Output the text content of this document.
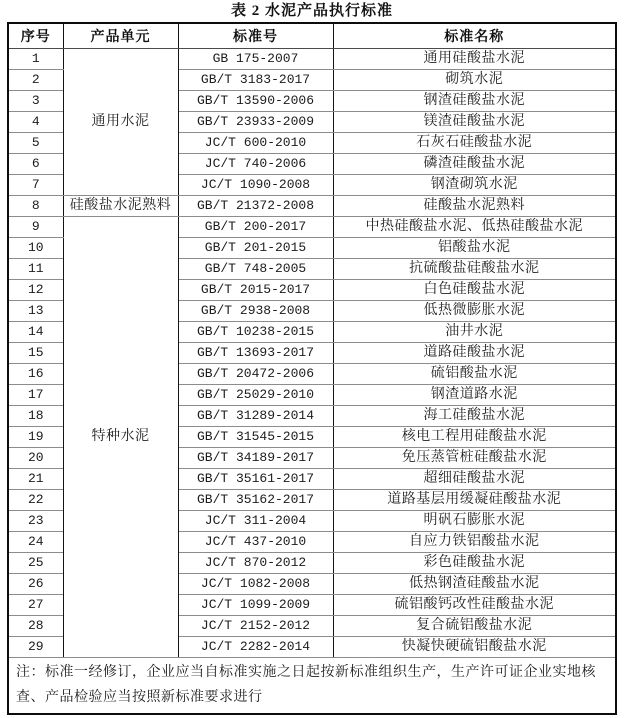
表 2 水泥产品执行标准
序号	产品单元	标准号	标准名称
1	通用水泥	GB 175-2007	通用硅酸盐水泥
2		GB/T 3183-2017	砌筑水泥
3		GB/T 13590-2006	钢渣硅酸盐水泥
4		GB/T 23933-2009	镁渣硅酸盐水泥
5		JC/T 600-2010	石灰石硅酸盐水泥
6		JC/T 740-2006	磷渣硅酸盐水泥
7		JC/T 1090-2008	钢渣砌筑水泥
8	硅酸盐水泥熟料	GB/T 21372-2008	硅酸盐水泥熟料
9	特种水泥	GB/T 200-2017	中热硅酸盐水泥、低热硅酸盐水泥
10		GB/T 201-2015	铝酸盐水泥
11		GB/T 748-2005	抗硫酸盐硅酸盐水泥
12		GB/T 2015-2017	白色硅酸盐水泥
13		GB/T 2938-2008	低热微膨胀水泥
14		GB/T 10238-2015	油井水泥
15		GB/T 13693-2017	道路硅酸盐水泥
16		GB/T 20472-2006	硫铝酸盐水泥
17		GB/T 25029-2010	钢渣道路水泥
18		GB/T 31289-2014	海工硅酸盐水泥
19		GB/T 31545-2015	核电工程用硅酸盐水泥
20		GB/T 34189-2017	免压蒸管桩硅酸盐水泥
21		GB/T 35161-2017	超细硅酸盐水泥
22		GB/T 35162-2017	道路基层用缓凝硅酸盐水泥
23		JC/T 311-2004	明矾石膨胀水泥
24		JC/T 437-2010	自应力铁铝酸盐水泥
25		JC/T 870-2012	彩色硅酸盐水泥
26		JC/T 1082-2008	低热钢渣硅酸盐水泥
27		JC/T 1099-2009	硫铝酸钙改性硅酸盐水泥
28		JC/T 2152-2012	复合硫铝酸盐水泥
29		JC/T 2282-2014	快凝快硬硫铝酸盐水泥
注：标准一经修订，企业应当自标准实施之日起按新标准组织生产，生产许可证企业实地核查、产品检验应当按照新标准要求进行			
